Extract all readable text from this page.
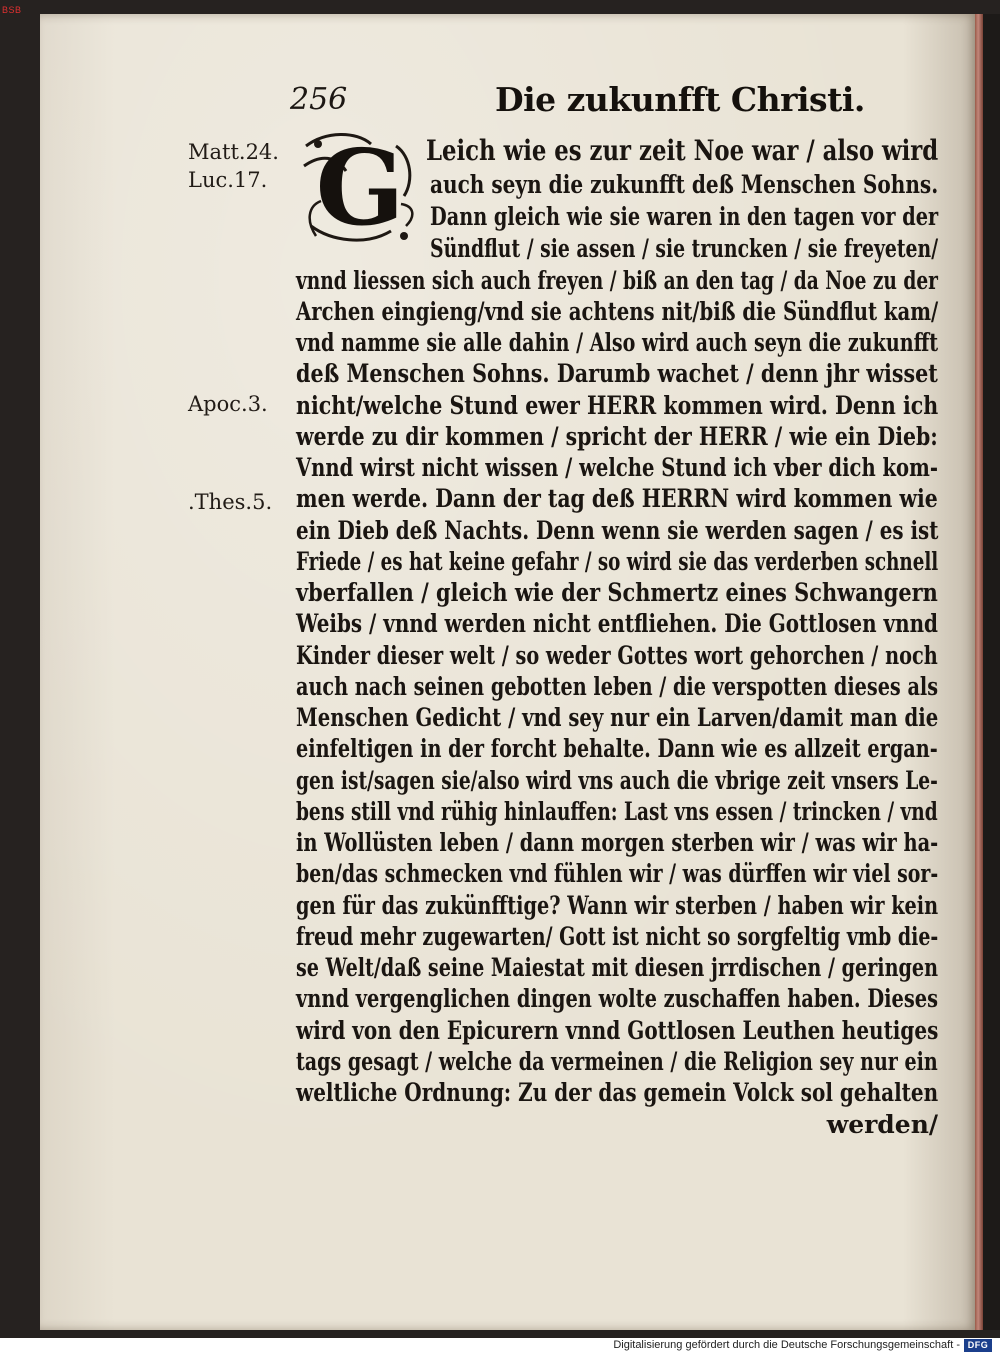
BSB
256	Die zukunfft Christi.
Matt.24.
Luc.17.
Apoc.3.
.Thes.5.
G Leich wie es zur zeit Noe war / also wird
auch seyn die zukunfft deß Menschen Sohns.
Dann gleich wie sie waren in den tagen vor der
Sündflut / sie assen / sie truncken / sie freyeten/
vnnd liessen sich auch freyen / biß an den tag / da Noe zu der
Archen eingieng/vnd sie achtens nit/biß die Sündflut kam/
vnd namme sie alle dahin / Also wird auch seyn die zukunfft
deß Menschen Sohns. Darumb wachet / denn jhr wisset
nicht/welche Stund ewer HERR kommen wird. Denn ich
werde zu dir kommen / spricht der HERR / wie ein Dieb:
Vnnd wirst nicht wissen / welche Stund ich vber dich kom-
men werde. Dann der tag deß HERRN wird kommen wie
ein Dieb deß Nachts. Denn wenn sie werden sagen / es ist
Friede / es hat keine gefahr / so wird sie das verderben schnell
vberfallen / gleich wie der Schmertz eines Schwangern
Weibs / vnnd werden nicht entfliehen. Die Gottlosen vnnd
Kinder dieser welt / so weder Gottes wort gehorchen / noch
auch nach seinen gebotten leben / die verspotten dieses als
Menschen Gedicht / vnd sey nur ein Larven/damit man die
einfeltigen in der forcht behalte. Dann wie es allzeit ergan-
gen ist/sagen sie/also wird vns auch die vbrige zeit vnsers Le-
bens still vnd rühig hinlauffen: Last vns essen / trincken / vnd
in Wollüsten leben / dann morgen sterben wir / was wir ha-
ben/das schmecken vnd fühlen wir / was dürffen wir viel sor-
gen für das zukünfftige? Wann wir sterben / haben wir kein
freud mehr zugewarten/ Gott ist nicht so sorgfeltig vmb die-
se Welt/daß seine Maiestat mit diesen jrrdischen / geringen
vnnd vergenglichen dingen wolte zuschaffen haben. Dieses
wird von den Epicurern vnnd Gottlosen Leuthen heutiges
tags gesagt / welche da vermeinen / die Religion sey nur ein
weltliche Ordnung: Zu der das gemein Volck sol gehalten
werden/
Digitalisierung gefördert durch die Deutsche Forschungsgemeinschaft - DFG
